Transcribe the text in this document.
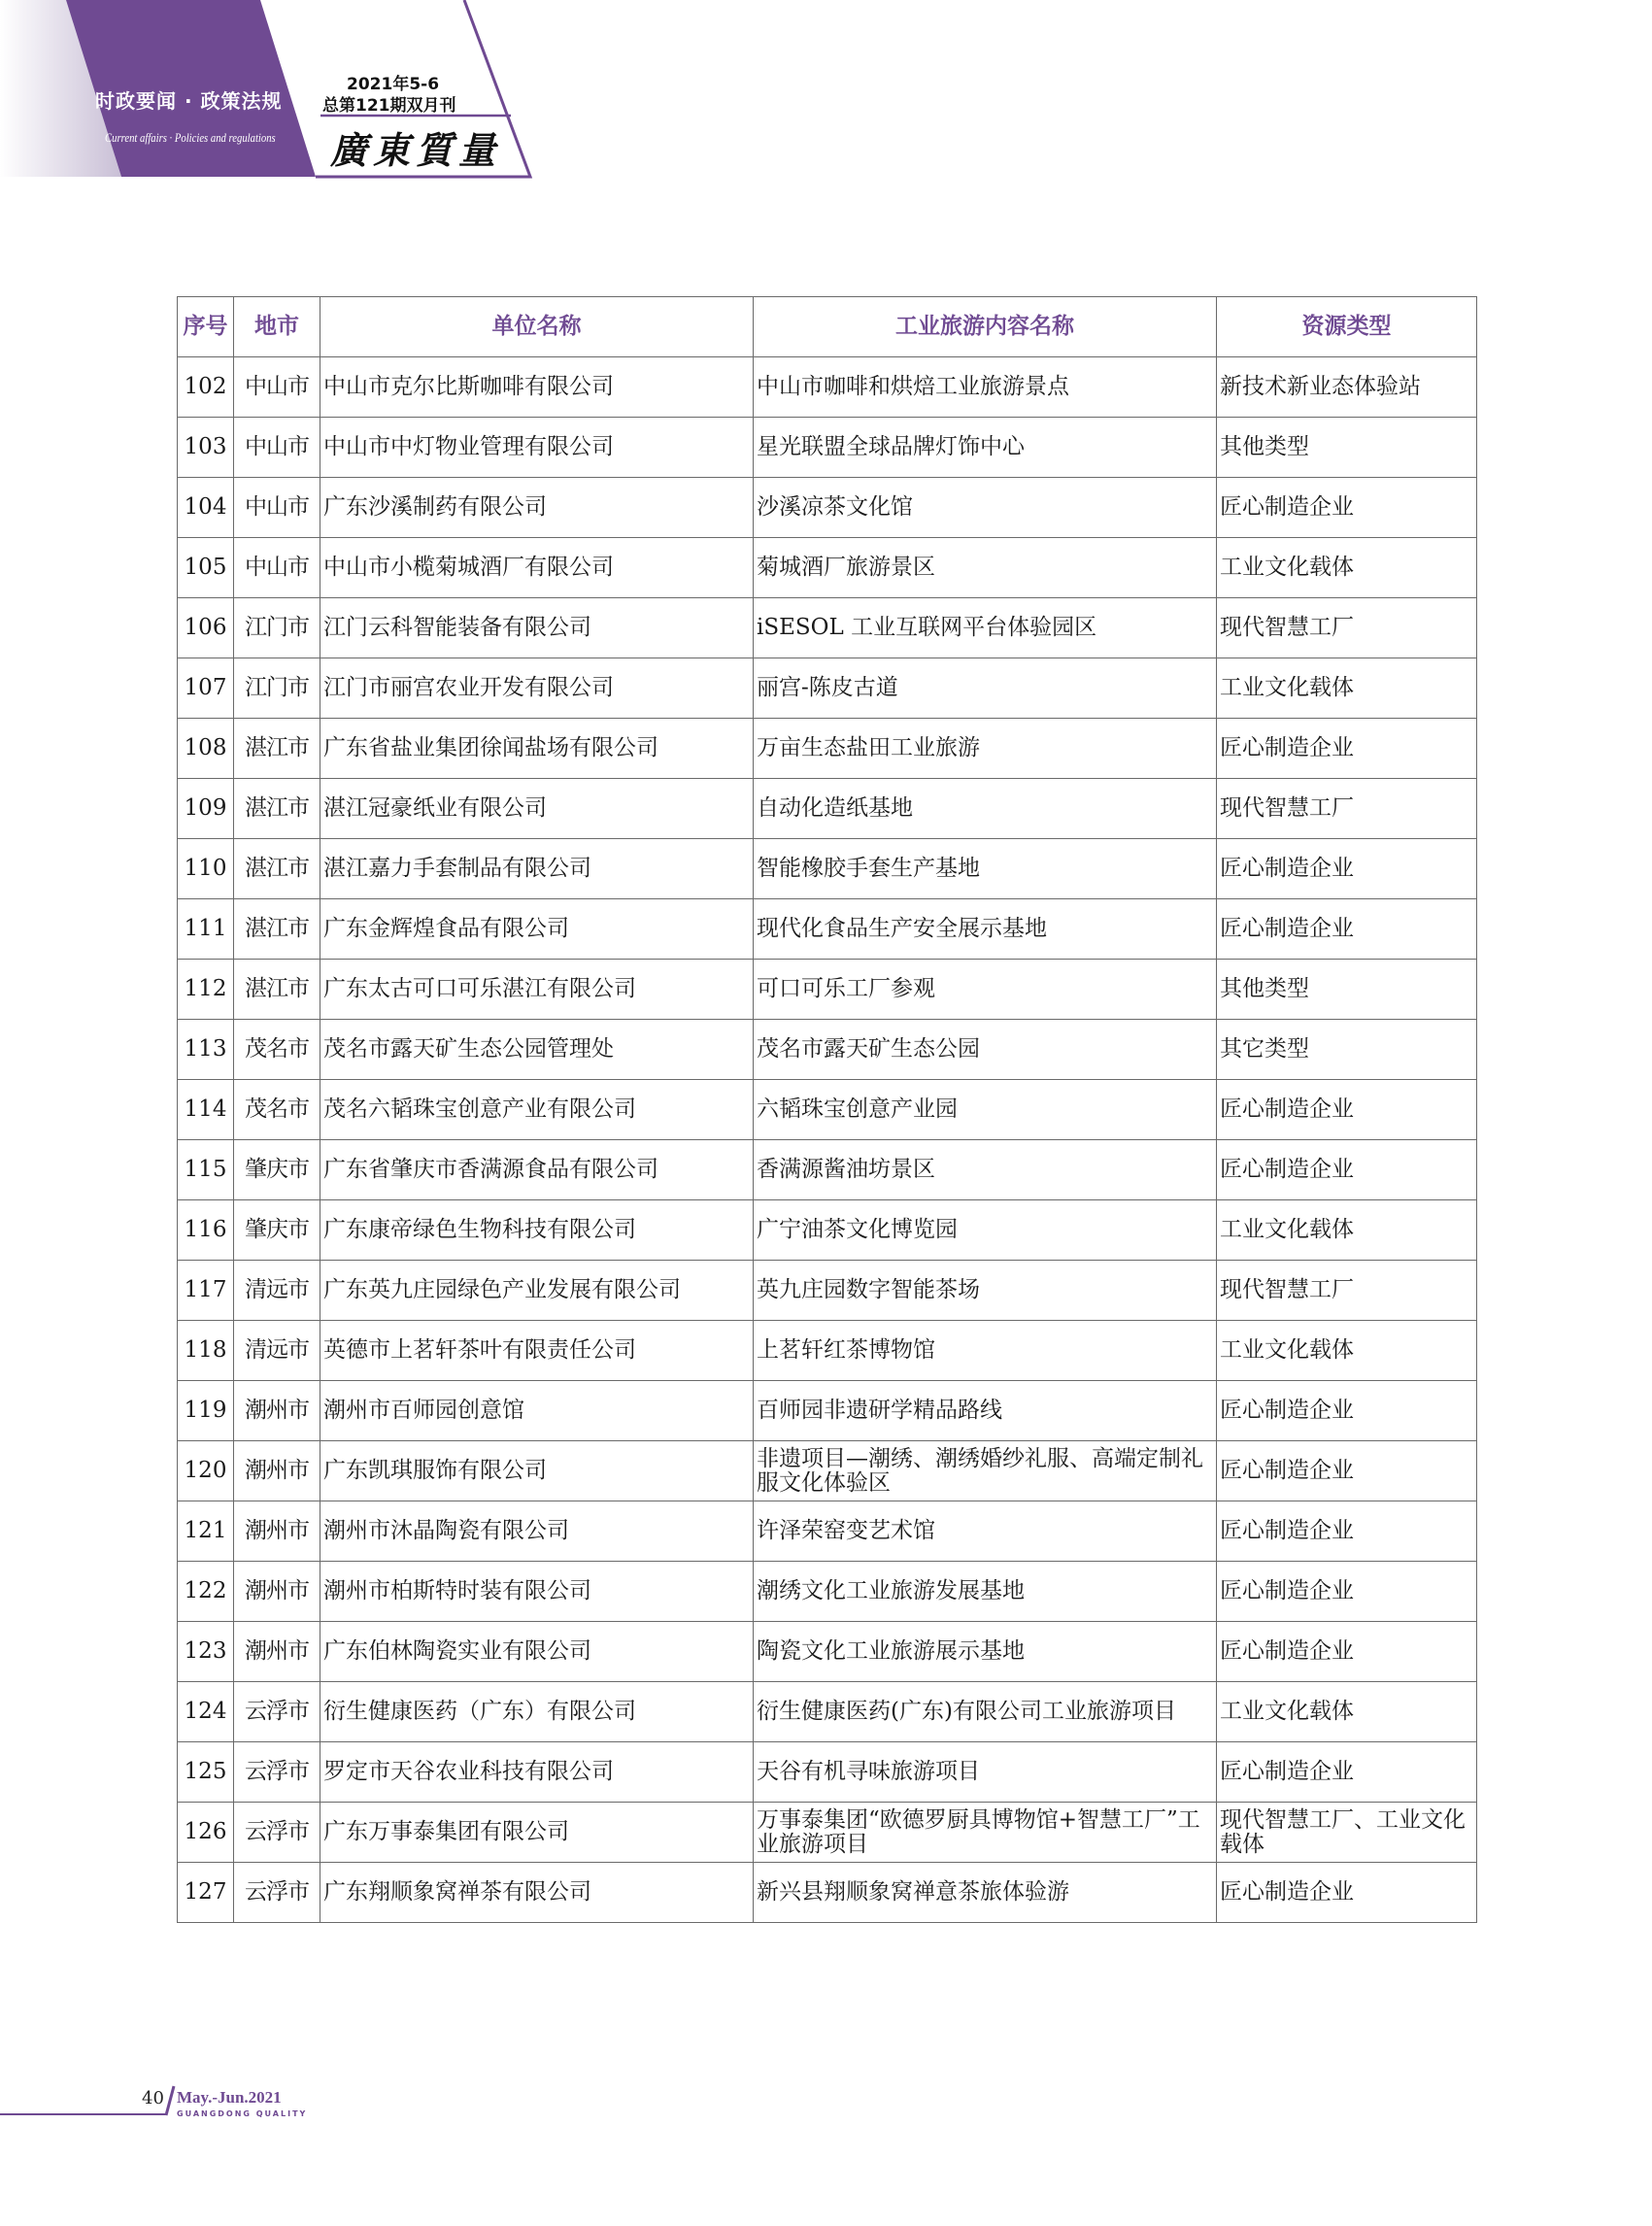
时政要闻 · 政策法规
Current affairs · Policies and regulations
2021年5-6
总第121期双月刊
廣東質量
序号	地市	单位名称	工业旅游内容名称	资源类型
102	中山市	中山市克尔比斯咖啡有限公司	中山市咖啡和烘焙工业旅游景点	新技术新业态体验站
103	中山市	中山市中灯物业管理有限公司	星光联盟全球品牌灯饰中心	其他类型
104	中山市	广东沙溪制药有限公司	沙溪凉茶文化馆	匠心制造企业
105	中山市	中山市小榄菊城酒厂有限公司	菊城酒厂旅游景区	工业文化载体
106	江门市	江门云科智能装备有限公司	iSESOL 工业互联网平台体验园区	现代智慧工厂
107	江门市	江门市丽宫农业开发有限公司	丽宫-陈皮古道	工业文化载体
108	湛江市	广东省盐业集团徐闻盐场有限公司	万亩生态盐田工业旅游	匠心制造企业
109	湛江市	湛江冠豪纸业有限公司	自动化造纸基地	现代智慧工厂
110	湛江市	湛江嘉力手套制品有限公司	智能橡胶手套生产基地	匠心制造企业
111	湛江市	广东金辉煌食品有限公司	现代化食品生产安全展示基地	匠心制造企业
112	湛江市	广东太古可口可乐湛江有限公司	可口可乐工厂参观	其他类型
113	茂名市	茂名市露天矿生态公园管理处	茂名市露天矿生态公园	其它类型
114	茂名市	茂名六韬珠宝创意产业有限公司	六韬珠宝创意产业园	匠心制造企业
115	肇庆市	广东省肇庆市香满源食品有限公司	香满源酱油坊景区	匠心制造企业
116	肇庆市	广东康帝绿色生物科技有限公司	广宁油茶文化博览园	工业文化载体
117	清远市	广东英九庄园绿色产业发展有限公司	英九庄园数字智能茶场	现代智慧工厂
118	清远市	英德市上茗轩茶叶有限责任公司	上茗轩红茶博物馆	工业文化载体
119	潮州市	潮州市百师园创意馆	百师园非遗研学精品路线	匠心制造企业
120	潮州市	广东凯琪服饰有限公司	非遗项目—潮绣、潮绣婚纱礼服、高端定制礼服文化体验区	匠心制造企业
121	潮州市	潮州市沐晶陶瓷有限公司	许泽荣窑变艺术馆	匠心制造企业
122	潮州市	潮州市柏斯特时装有限公司	潮绣文化工业旅游发展基地	匠心制造企业
123	潮州市	广东伯林陶瓷实业有限公司	陶瓷文化工业旅游展示基地	匠心制造企业
124	云浮市	衍生健康医药（广东）有限公司	衍生健康医药(广东)有限公司工业旅游项目	工业文化载体
125	云浮市	罗定市天谷农业科技有限公司	天谷有机寻味旅游项目	匠心制造企业
126	云浮市	广东万事泰集团有限公司	万事泰集团“欧德罗厨具博物馆+智慧工厂”工业旅游项目	现代智慧工厂、工业文化载体
127	云浮市	广东翔顺象窝禅茶有限公司	新兴县翔顺象窝禅意茶旅体验游	匠心制造企业
40 May.-Jun.2021
GUANGDONG QUALITY
